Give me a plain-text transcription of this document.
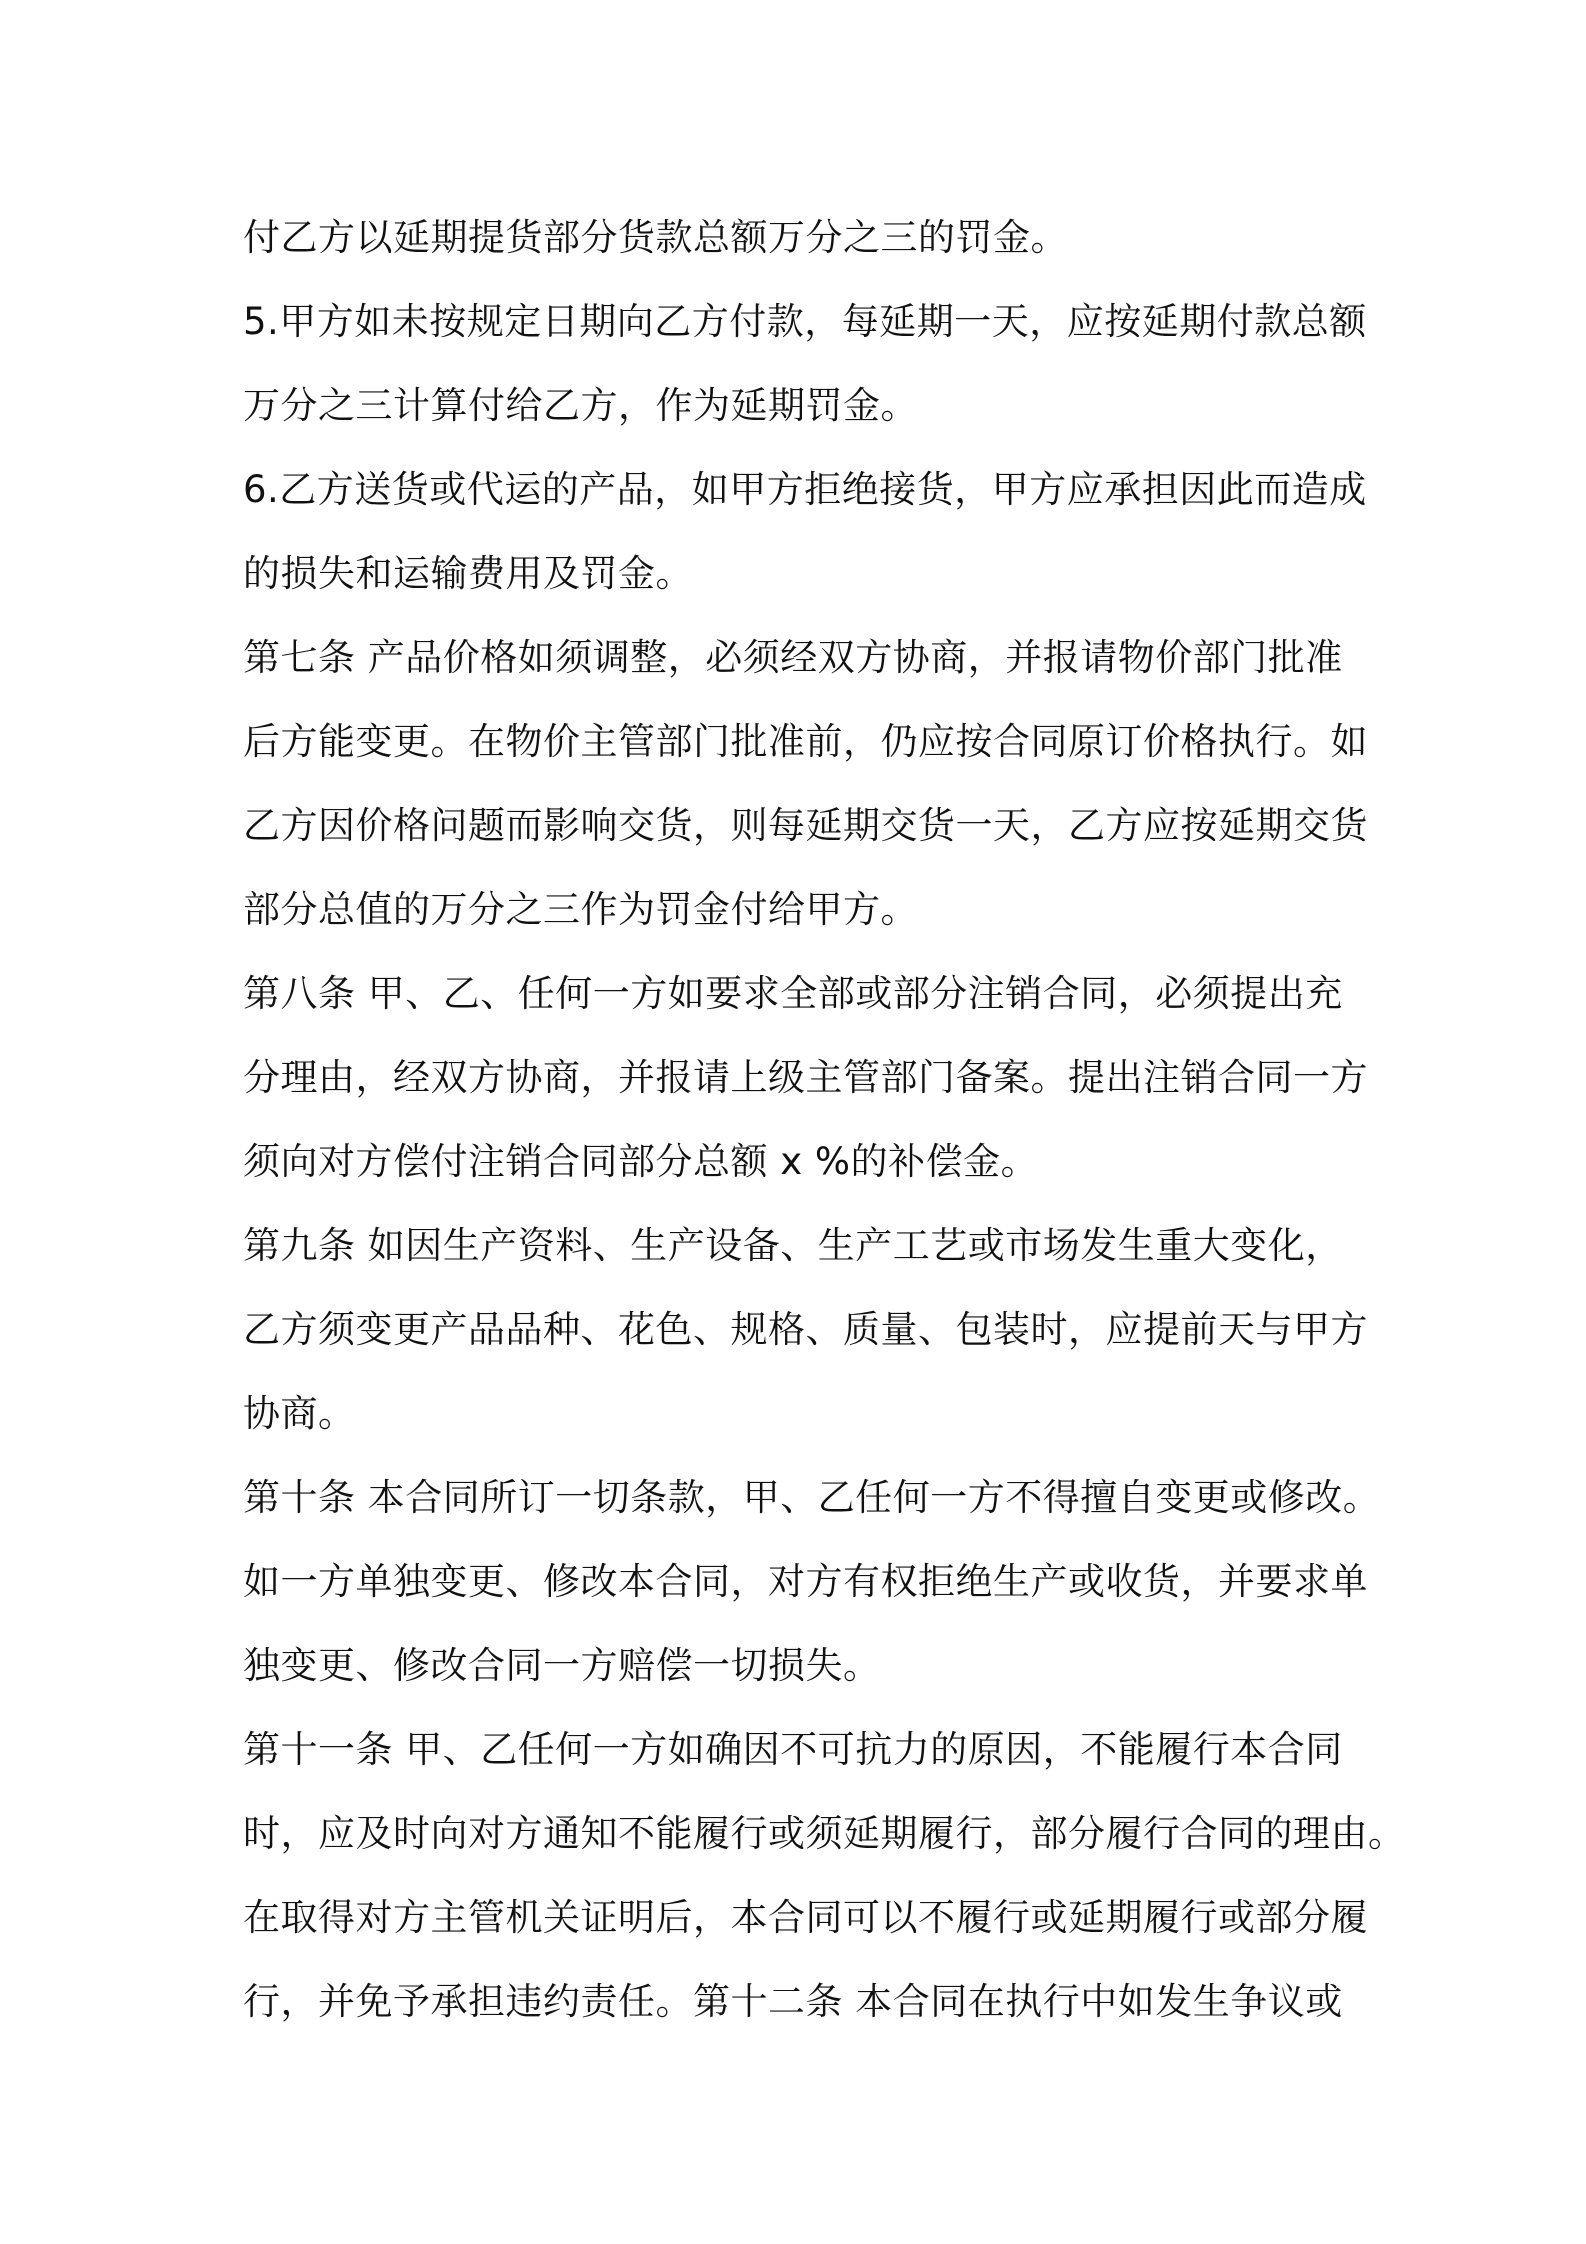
付乙方以延期提货部分货款总额万分之三的罚金。
5.甲方如未按规定日期向乙方付款，每延期一天，应按延期付款总额
万分之三计算付给乙方，作为延期罚金。
6.乙方送货或代运的产品，如甲方拒绝接货，甲方应承担因此而造成
的损失和运输费用及罚金。
第七条 产品价格如须调整，必须经双方协商，并报请物价部门批准
后方能变更。在物价主管部门批准前，仍应按合同原订价格执行。如
乙方因价格问题而影响交货，则每延期交货一天，乙方应按延期交货
部分总值的万分之三作为罚金付给甲方。
第八条 甲、乙、任何一方如要求全部或部分注销合同，必须提出充
分理由，经双方协商，并报请上级主管部门备案。提出注销合同一方
须向对方偿付注销合同部分总额 x %的补偿金。
第九条 如因生产资料、生产设备、生产工艺或市场发生重大变化，
乙方须变更产品品种、花色、规格、质量、包装时，应提前天与甲方
协商。
第十条 本合同所订一切条款，甲、乙任何一方不得擅自变更或修改。
如一方单独变更、修改本合同，对方有权拒绝生产或收货，并要求单
独变更、修改合同一方赔偿一切损失。
第十一条 甲、乙任何一方如确因不可抗力的原因，不能履行本合同
时，应及时向对方通知不能履行或须延期履行，部分履行合同的理由。
在取得对方主管机关证明后，本合同可以不履行或延期履行或部分履
行，并免予承担违约责任。第十二条 本合同在执行中如发生争议或
